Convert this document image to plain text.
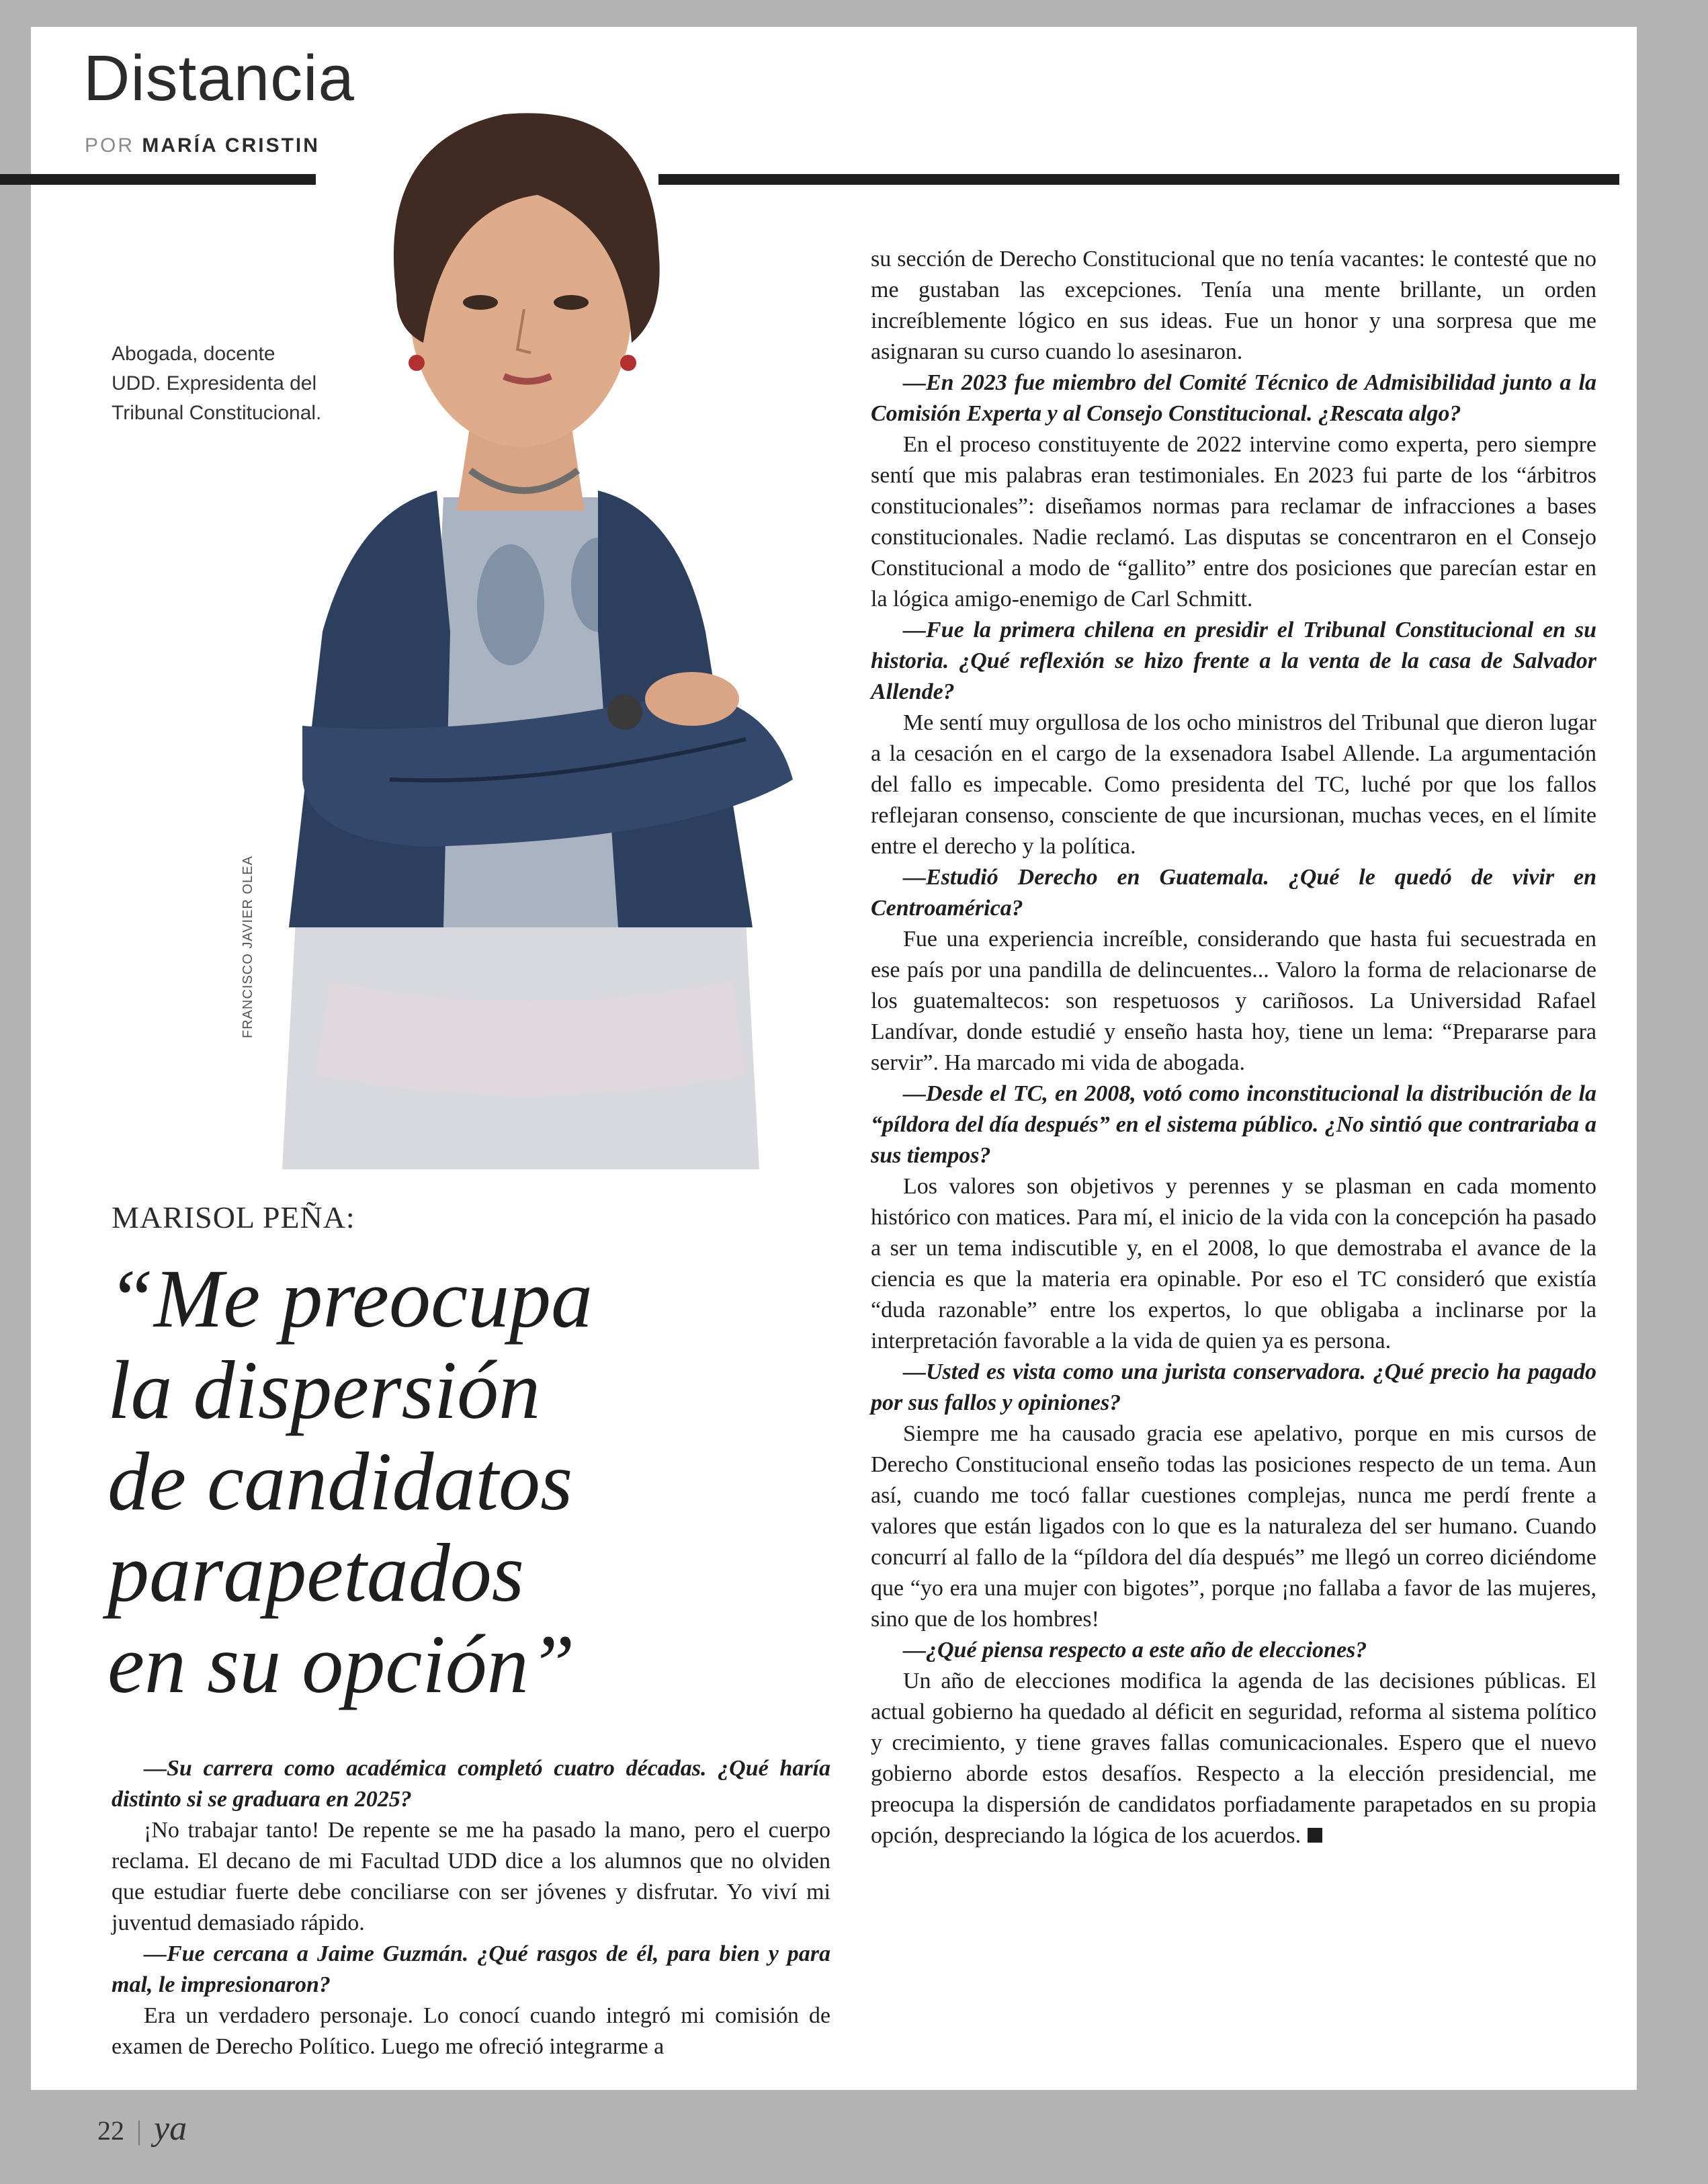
Distancia
POR MARÍA CRISTIN
Abogada, docente UDD. Expresidenta del Tribunal Constitucional.
FRANCISCO JAVIER OLEA
MARISOL PEÑA:
“Me preocupa
la dispersión
de candidatos
parapetados
en su opción”

—Su carrera como académica completó cuatro décadas. ¿Qué haría distinto si se graduara en 2025?

¡No trabajar tanto! De repente se me ha pasado la mano, pero el cuerpo reclama. El decano de mi Facultad UDD dice a los alumnos que no olviden que estudiar fuerte debe conciliarse con ser jóvenes y disfrutar. Yo viví mi juventud demasiado rápido.

—Fue cercana a Jaime Guzmán. ¿Qué rasgos de él, para bien y para mal, le impresionaron?

Era un verdadero personaje. Lo conocí cuando integró mi comisión de examen de Derecho Político. Luego me ofreció integrarme a

su sección de Derecho Constitucional que no tenía vacantes: le contesté que no me gustaban las excepciones. Tenía una mente brillante, un orden increíblemente lógico en sus ideas. Fue un honor y una sorpresa que me asignaran su curso cuando lo asesinaron.

—En 2023 fue miembro del Comité Técnico de Admisibilidad junto a la Comisión Experta y al Consejo Constitucional. ¿Rescata algo?

En el proceso constituyente de 2022 intervine como experta, pero siempre sentí que mis palabras eran testimoniales. En 2023 fui parte de los “árbitros constitucionales”: diseñamos normas para reclamar de infracciones a bases constitucionales. Nadie reclamó. Las disputas se concentraron en el Consejo Constitucional a modo de “gallito” entre dos posiciones que parecían estar en la lógica amigo-enemigo de Carl Schmitt.

—Fue la primera chilena en presidir el Tribunal Constitucional en su historia. ¿Qué reflexión se hizo frente a la venta de la casa de Salvador Allende?

Me sentí muy orgullosa de los ocho ministros del Tribunal que dieron lugar a la cesación en el cargo de la exsenadora Isabel Allende. La argumentación del fallo es impecable. Como presidenta del TC, luché por que los fallos reflejaran consenso, consciente de que incursionan, muchas veces, en el límite entre el derecho y la política.

—Estudió Derecho en Guatemala. ¿Qué le quedó de vivir en Centroamérica?

Fue una experiencia increíble, considerando que hasta fui secuestrada en ese país por una pandilla de delincuentes... Valoro la forma de relacionarse de los guatemaltecos: son respetuosos y cariñosos. La Universidad Rafael Landívar, donde estudié y enseño hasta hoy, tiene un lema: “Prepararse para servir”. Ha marcado mi vida de abogada.

—Desde el TC, en 2008, votó como inconstitucional la distribución de la “píldora del día después” en el sistema público. ¿No sintió que contrariaba a sus tiempos?

Los valores son objetivos y perennes y se plasman en cada momento histórico con matices. Para mí, el inicio de la vida con la concepción ha pasado a ser un tema indiscutible y, en el 2008, lo que demostraba el avance de la ciencia es que la materia era opinable. Por eso el TC consideró que existía “duda razonable” entre los expertos, lo que obligaba a inclinarse por la interpretación favorable a la vida de quien ya es persona.

—Usted es vista como una jurista conservadora. ¿Qué precio ha pagado por sus fallos y opiniones?

Siempre me ha causado gracia ese apelativo, porque en mis cursos de Derecho Constitucional enseño todas las posiciones respecto de un tema. Aun así, cuando me tocó fallar cuestiones complejas, nunca me perdí frente a valores que están ligados con lo que es la naturaleza del ser humano. Cuando concurrí al fallo de la “píldora del día después” me llegó un correo diciéndome que “yo era una mujer con bigotes”, porque ¡no fallaba a favor de las mujeres, sino que de los hombres!

—¿Qué piensa respecto a este año de elecciones?

Un año de elecciones modifica la agenda de las decisiones públicas. El actual gobierno ha quedado al déficit en seguridad, reforma al sistema político y crecimiento, y tiene graves fallas comunicacionales. Espero que el nuevo gobierno aborde estos desafíos. Respecto a la elección presidencial, me preocupa la dispersión de candidatos porfiadamente parapetados en su propia opción, despreciando la lógica de los acuerdos.

22 | ya
